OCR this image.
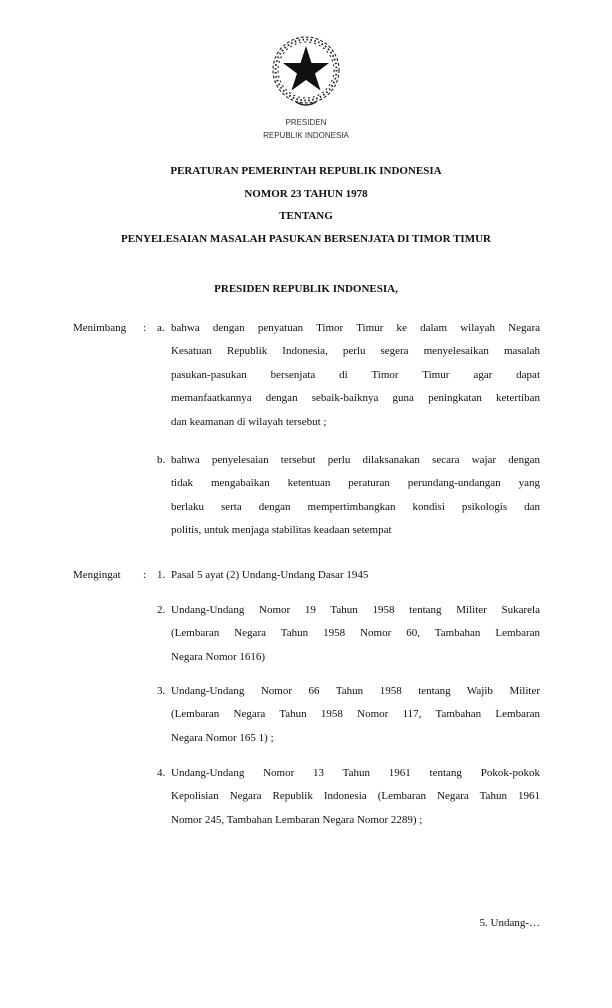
PRESIDEN
REPUBLIK INDONESIA
PERATURAN PEMERINTAH REPUBLIK INDONESIA
NOMOR 23 TAHUN 1978
TENTANG
PENYELESAIAN MASALAH PASUKAN BERSENJATA DI TIMOR TIMUR
PRESIDEN REPUBLIK INDONESIA,
Menimbang : a. bahwa dengan penyatuan Timor Timur ke dalam wilayah Negara
Kesatuan Republik Indonesia, perlu segera menyelesaikan masalah
pasukan-pasukan bersenjata di Timor Timur agar dapat
memanfaatkannya dengan sebaik-baiknya guna peningkatan ketertiban
dan keamanan di wilayah tersebut ;
b. bahwa penyelesaian tersebut perlu dilaksanakan secara wajar dengan
tidak mengabaikan ketentuan peraturan perundang-undangan yang
berlaku serta dengan mempertimbangkan kondisi psikologis dan
politis, untuk menjaga stabilitas keadaan setempat
Mengingat : 1. Pasal 5 ayat (2) Undang-Undang Dasar 1945
2. Undang-Undang Nomor 19 Tahun 1958 tentang Militer Sukarela
(Lembaran Negara Tahun 1958 Nomor 60, Tambahan Lembaran
Negara Nomor 1616)
3. Undang-Undang Nomor 66 Tahun 1958 tentang Wajib Militer
(Lembaran Negara Tahun 1958 Nomor 117, Tambahan Lembaran
Negara Nomor 165 1) ;
4. Undang-Undang Nomor 13 Tahun 1961 tentang Pokok-pokok
Kepolisian Negara Republik Indonesia (Lembaran Negara Tahun 1961
Nomor 245, Tambahan Lembaran Negara Nomor 2289) ;
5. Undang-…
